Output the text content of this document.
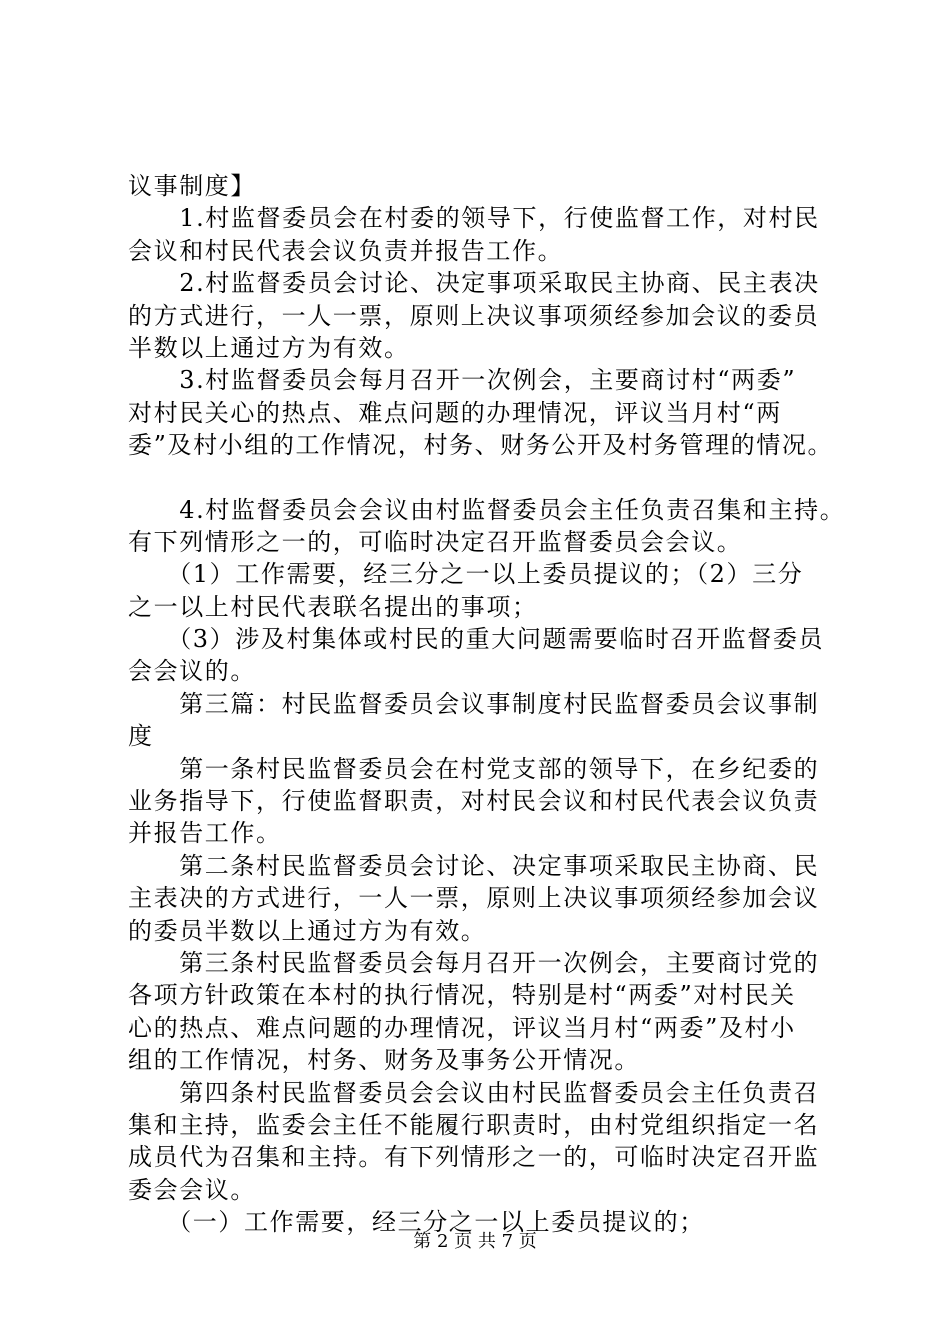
议事制度】
　　1.村监督委员会在村委的领导下，行使监督工作，对村民
会议和村民代表会议负责并报告工作。
　　2.村监督委员会讨论、决定事项采取民主协商、民主表决
的方式进行，一人一票，原则上决议事项须经参加会议的委员
半数以上通过方为有效。
　　3.村监督委员会每月召开一次例会，主要商讨村“两委”
对村民关心的热点、难点问题的办理情况，评议当月村“两
委”及村小组的工作情况，村务、财务公开及村务管理的情况。
　　4.村监督委员会会议由村监督委员会主任负责召集和主持。
有下列情形之一的，可临时决定召开监督委员会会议。
　　（1）工作需要，经三分之一以上委员提议的；（2）三分
之一以上村民代表联名提出的事项；
　　（3）涉及村集体或村民的重大问题需要临时召开监督委员
会会议的。
　　第三篇：村民监督委员会议事制度村民监督委员会议事制
度
　　第一条村民监督委员会在村党支部的领导下，在乡纪委的
业务指导下，行使监督职责，对村民会议和村民代表会议负责
并报告工作。
　　第二条村民监督委员会讨论、决定事项采取民主协商、民
主表决的方式进行，一人一票，原则上决议事项须经参加会议
的委员半数以上通过方为有效。
　　第三条村民监督委员会每月召开一次例会，主要商讨党的
各项方针政策在本村的执行情况，特别是村“两委”对村民关
心的热点、难点问题的办理情况，评议当月村“两委”及村小
组的工作情况，村务、财务及事务公开情况。
　　第四条村民监督委员会会议由村民监督委员会主任负责召
集和主持，监委会主任不能履行职责时，由村党组织指定一名
成员代为召集和主持。有下列情形之一的，可临时决定召开监
委会会议。
　　（一）工作需要，经三分之一以上委员提议的；
第 2 页 共 7 页
